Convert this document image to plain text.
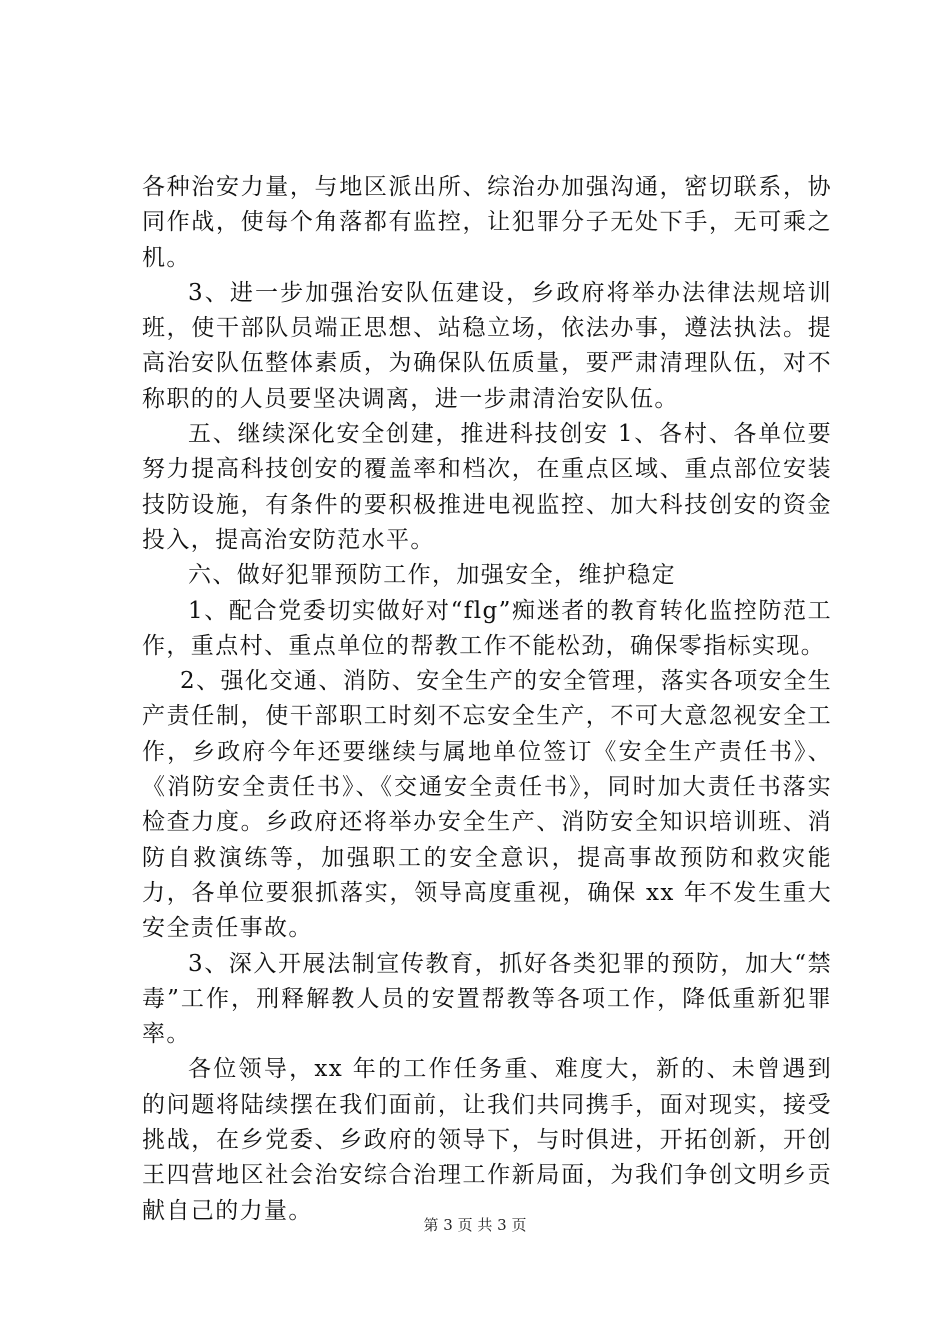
各种治安力量，与地区派出所、综治办加强沟通，密切联系，协同作战，使每个角落都有监控，让犯罪分子无处下手，无可乘之机。

3、进一步加强治安队伍建设，乡政府将举办法律法规培训班，使干部队员端正思想、站稳立场，依法办事，遵法执法。提高治安队伍整体素质，为确保队伍质量，要严肃清理队伍，对不称职的的人员要坚决调离，进一步肃清治安队伍。

五、继续深化安全创建，推进科技创安 1、各村、各单位要努力提高科技创安的覆盖率和档次，在重点区域、重点部位安装技防设施，有条件的要积极推进电视监控、加大科技创安的资金投入，提高治安防范水平。

六、做好犯罪预防工作，加强安全，维护稳定

1、配合党委切实做好对“flg”痴迷者的教育转化监控防范工作，重点村、重点单位的帮教工作不能松劲，确保零指标实现。

2、强化交通、消防、安全生产的安全管理，落实各项安全生产责任制，使干部职工时刻不忘安全生产，不可大意忽视安全工作，乡政府今年还要继续与属地单位签订《安全生产责任书》、《消防安全责任书》、《交通安全责任书》，同时加大责任书落实检查力度。乡政府还将举办安全生产、消防安全知识培训班、消防自救演练等，加强职工的安全意识，提高事故预防和救灾能力，各单位要狠抓落实，领导高度重视，确保 xx 年不发生重大安全责任事故。

3、深入开展法制宣传教育，抓好各类犯罪的预防，加大“禁毒”工作，刑释解教人员的安置帮教等各项工作，降低重新犯罪率。

各位领导，xx 年的工作任务重、难度大，新的、未曾遇到的问题将陆续摆在我们面前，让我们共同携手，面对现实，接受挑战，在乡党委、乡政府的领导下，与时俱进，开拓创新，开创王四营地区社会治安综合治理工作新局面，为我们争创文明乡贡献自己的力量。

第 3 页 共 3 页
